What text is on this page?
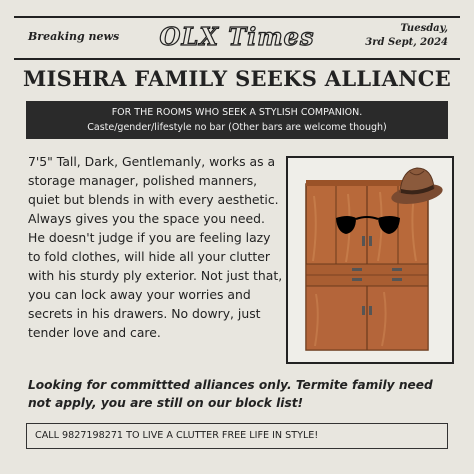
Breaking news	OLX Times	Tuesday,
3rd Sept, 2024
MISHRA FAMILY SEEKS ALLIANCE
FOR THE ROOMS WHO SEEK A STYLISH COMPANION.
Caste/gender/lifestyle no bar (Other bars are welcome though)

7'5" Tall, Dark, Gentlemanly, works as a storage manager, polished manners, quiet but blends in with every aesthetic.

Always gives you the space you need. He doesn't judge if you are feeling lazy to fold clothes, will hide all your clutter with his sturdy ply exterior. Not just that, you can lock away your worries and secrets in his drawers. No dowry, just tender love and care.

Looking for committted alliances only. Termite family need not apply, you are still on our block list!
CALL 9827198271 TO LIVE A CLUTTER FREE LIFE IN STYLE!
